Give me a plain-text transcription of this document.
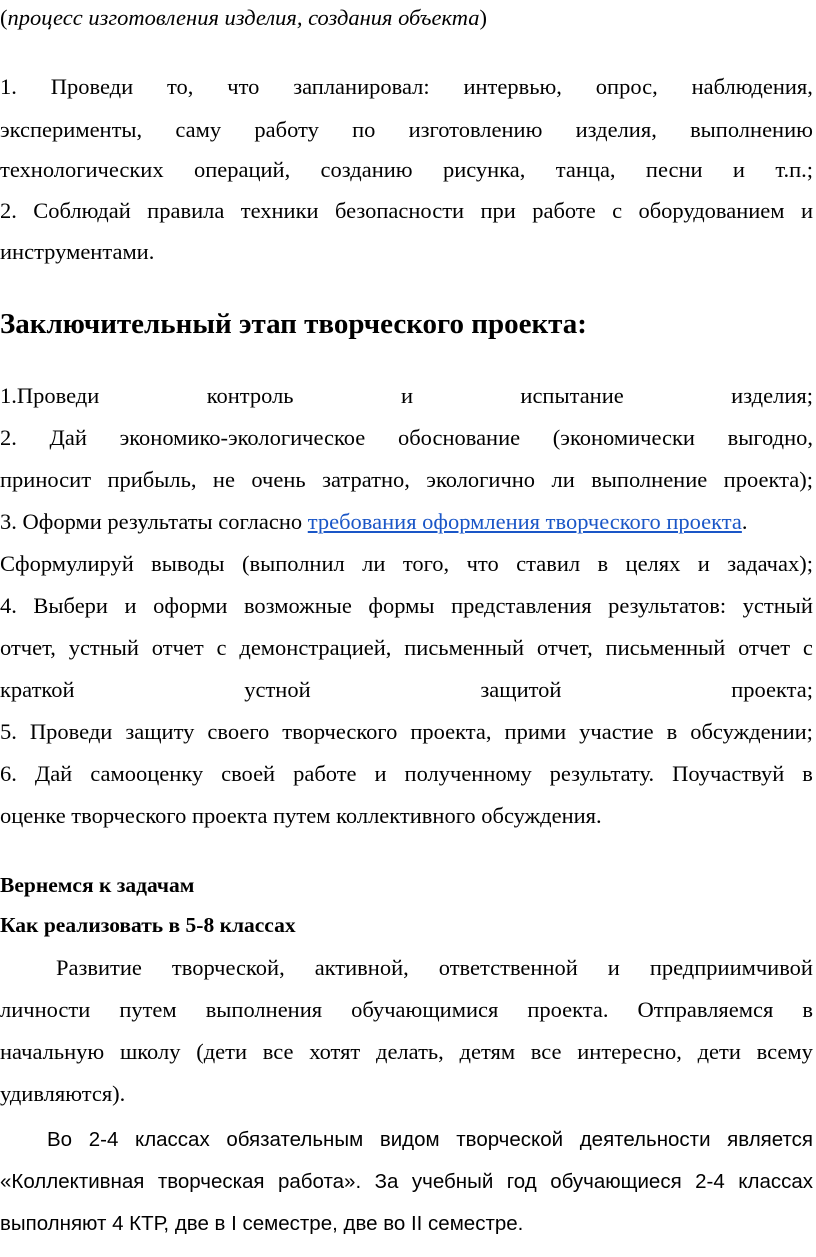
(процесс изготовления изделия, создания объекта)
1. Проведи то, что запланировал: интервью, опрос, наблюдения,
эксперименты, саму работу по изготовлению изделия, выполнению
технологических операций, созданию рисунка, танца, песни и т.п.;
2. Соблюдай правила техники безопасности при работе с оборудованием и
инструментами.
Заключительный этап творческого проекта:
1.Проведи	контроль	и	испытание	изделия;
2. Дай экономико-экологическое обоснование (экономически выгодно,
приносит прибыль, не очень затратно, экологично ли выполнение проекта);
3. Оформи результаты согласно требования оформления творческого проекта.
Сформулируй выводы (выполнил ли того, что ставил в целях и задачах);
4. Выбери и оформи возможные формы представления результатов: устный
отчет, устный отчет с демонстрацией, письменный отчет, письменный отчет с
краткой	устной	защитой	проекта;
5. Проведи защиту своего творческого проекта, прими участие в обсуждении;
6. Дай самооценку своей работе и полученному результату. Поучаствуй в
оценке творческого проекта путем коллективного обсуждения.
Вернемся к задачам
Как реализовать в 5-8 классах
Развитие творческой, активной, ответственной и предприимчивой
личности путем выполнения обучающимися проекта. Отправляемся в
начальную школу (дети все хотят делать, детям все интересно, дети всему
удивляются).
Во 2-4 классах обязательным видом творческой деятельности является
«Коллективная творческая работа». За учебный год обучающиеся 2-4 классах
выполняют 4 КТР, две в I семестре, две во II семестре.
